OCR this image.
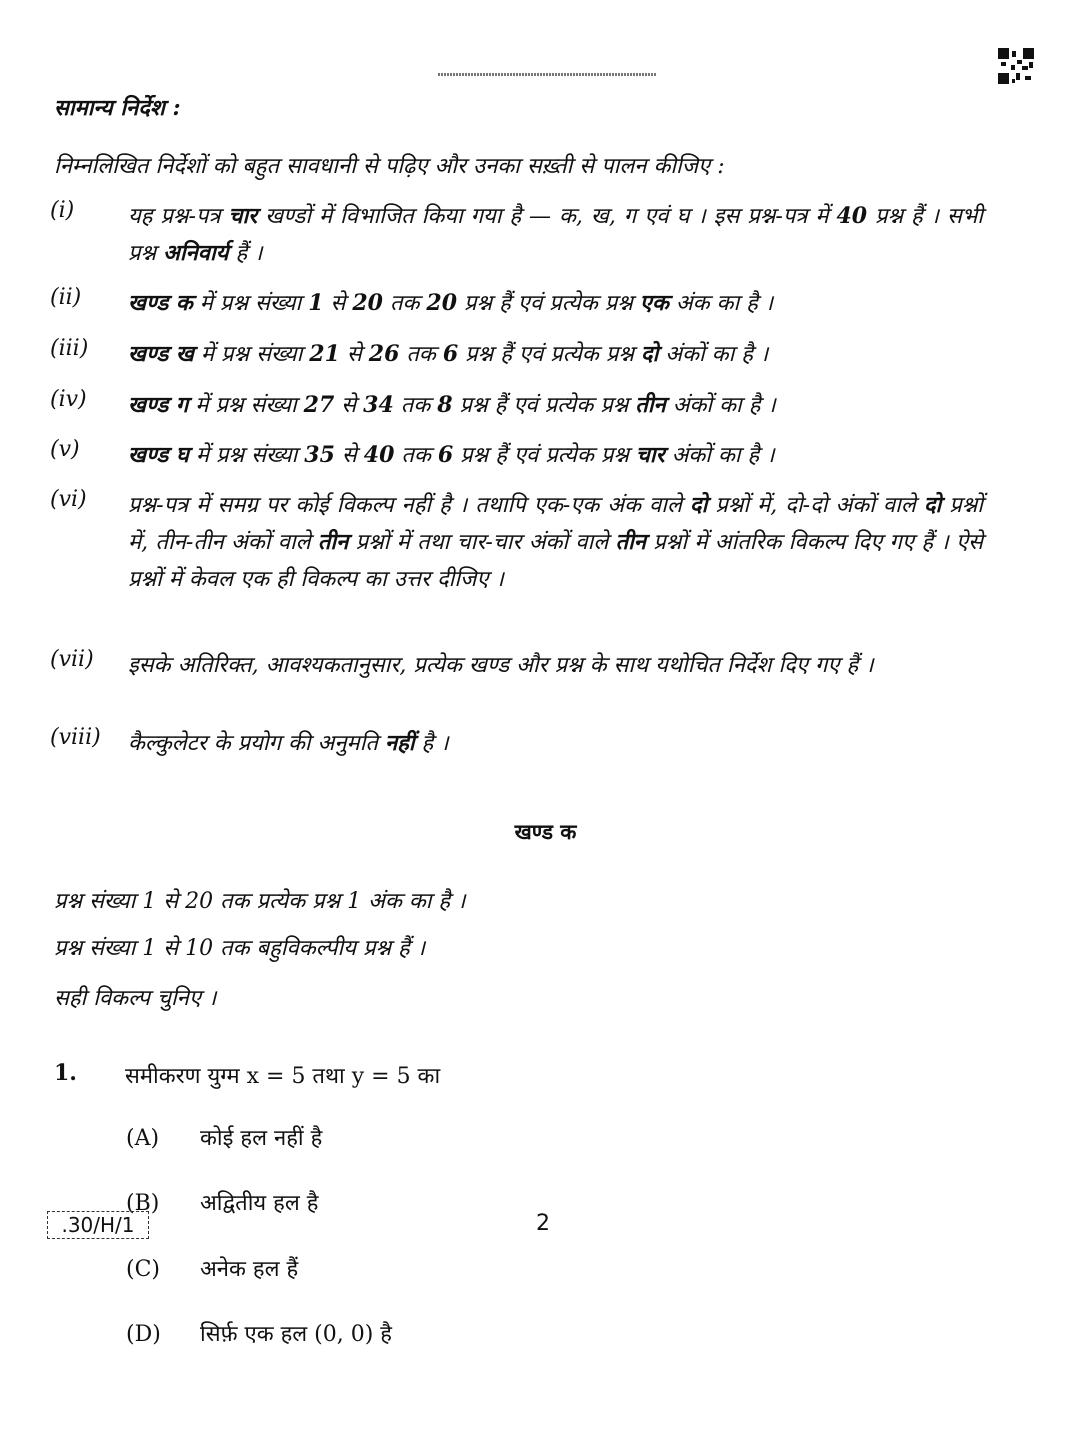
सामान्य निर्देश :
निम्नलिखित निर्देशों को बहुत सावधानी से पढ़िए और उनका सख़्ती से पालन कीजिए :
(i) यह प्रश्न-पत्र चार खण्डों में विभाजित किया गया है — क, ख, ग एवं घ । इस प्रश्न-पत्र में 40 प्रश्न हैं । सभी प्रश्न अनिवार्य हैं ।
(ii) खण्ड क में प्रश्न संख्या 1 से 20 तक 20 प्रश्न हैं एवं प्रत्येक प्रश्न एक अंक का है ।
(iii) खण्ड ख में प्रश्न संख्या 21 से 26 तक 6 प्रश्न हैं एवं प्रत्येक प्रश्न दो अंकों का है ।
(iv) खण्ड ग में प्रश्न संख्या 27 से 34 तक 8 प्रश्न हैं एवं प्रत्येक प्रश्न तीन अंकों का है ।
(v) खण्ड घ में प्रश्न संख्या 35 से 40 तक 6 प्रश्न हैं एवं प्रत्येक प्रश्न चार अंकों का है ।
(vi) प्रश्न-पत्र में समग्र पर कोई विकल्प नहीं है । तथापि एक-एक अंक वाले दो प्रश्नों में, दो-दो अंकों वाले दो प्रश्नों में, तीन-तीन अंकों वाले तीन प्रश्नों में तथा चार-चार अंकों वाले तीन प्रश्नों में आंतरिक विकल्प दिए गए हैं । ऐसे प्रश्नों में केवल एक ही विकल्प का उत्तर दीजिए ।
(vii) इसके अतिरिक्त, आवश्यकतानुसार, प्रत्येक खण्ड और प्रश्न के साथ यथोचित निर्देश दिए गए हैं ।
(viii) कैल्कुलेटर के प्रयोग की अनुमति नहीं है ।
खण्ड क
प्रश्न संख्या 1 से 20 तक प्रत्येक प्रश्न 1 अंक का है ।
प्रश्न संख्या 1 से 10 तक बहुविकल्पीय प्रश्न हैं ।
सही विकल्प चुनिए ।
1. समीकरण युग्म x = 5 तथा y = 5 का
(A) कोई हल नहीं है
(B) अद्वितीय हल है
(C) अनेक हल हैं
(D) सिर्फ़ एक हल (0, 0) है
.30/H/1	2
